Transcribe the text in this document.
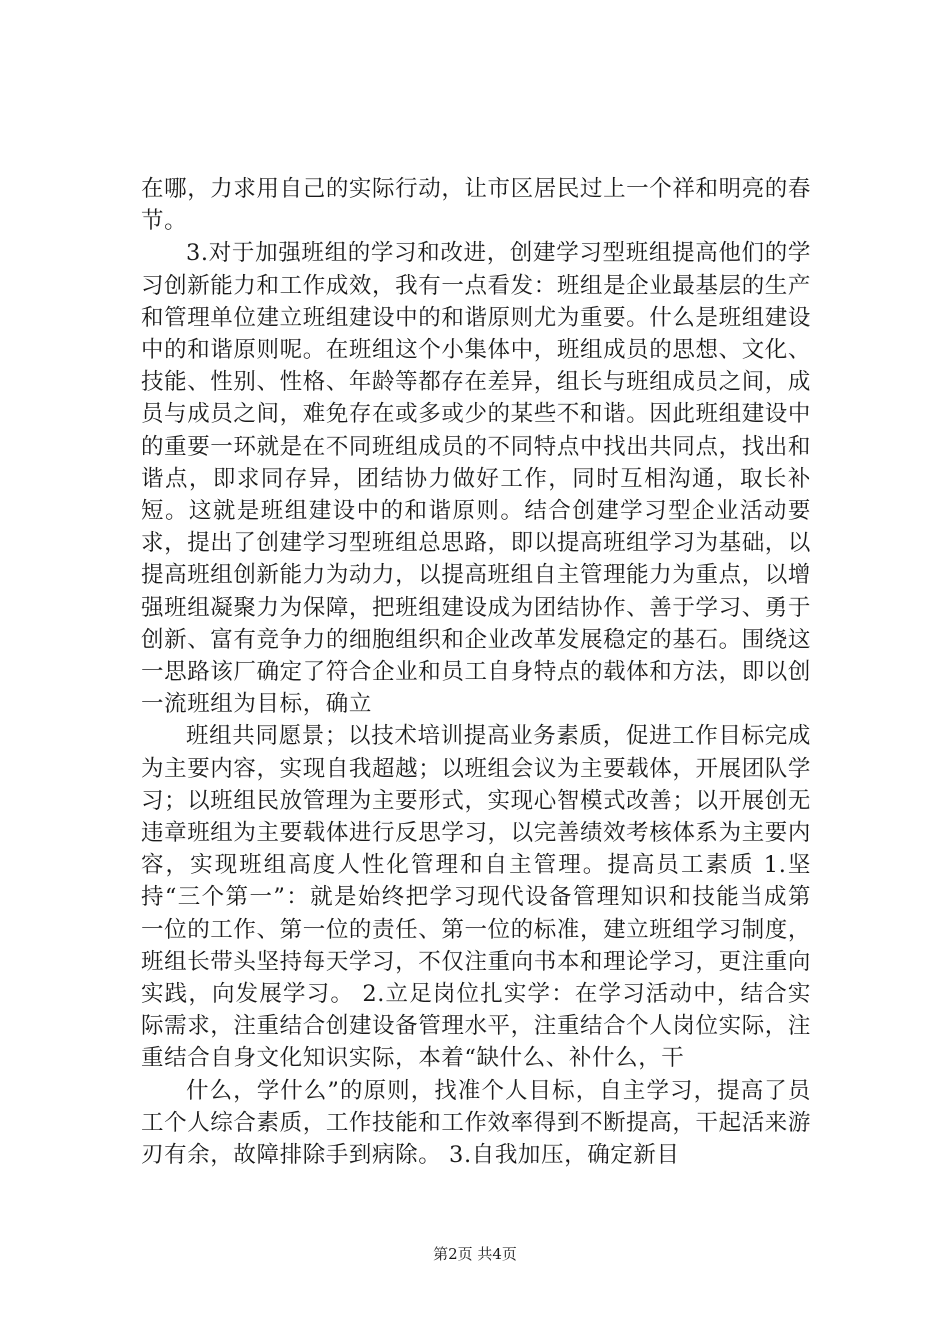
在哪，力求用自己的实际行动，让市区居民过上一个祥和明亮的春节。

3.对于加强班组的学习和改进，创建学习型班组提高他们的学习创新能力和工作成效，我有一点看发：班组是企业最基层的生产和管理单位建立班组建设中的和谐原则尤为重要。什么是班组建设中的和谐原则呢。在班组这个小集体中，班组成员的思想、文化、技能、性别、性格、年龄等都存在差异，组长与班组成员之间，成员与成员之间，难免存在或多或少的某些不和谐。因此班组建设中的重要一环就是在不同班组成员的不同特点中找出共同点，找出和谐点，即求同存异，团结协力做好工作，同时互相沟通，取长补短。这就是班组建设中的和谐原则。结合创建学习型企业活动要求，提出了创建学习型班组总思路，即以提高班组学习为基础，以提高班组创新能力为动力，以提高班组自主管理能力为重点，以增强班组凝聚力为保障，把班组建设成为团结协作、善于学习、勇于创新、富有竞争力的细胞组织和企业改革发展稳定的基石。围绕这一思路该厂确定了符合企业和员工自身特点的载体和方法，即以创一流班组为目标，确立

班组共同愿景；以技术培训提高业务素质，促进工作目标完成为主要内容，实现自我超越；以班组会议为主要载体，开展团队学习；以班组民放管理为主要形式，实现心智模式改善；以开展创无违章班组为主要载体进行反思学习，以完善绩效考核体系为主要内容，实现班组高度人性化管理和自主管理。提高员工素质 1.坚持“三个第一”：就是始终把学习现代设备管理知识和技能当成第一位的工作、第一位的责任、第一位的标准，建立班组学习制度，班组长带头坚持每天学习，不仅注重向书本和理论学习，更注重向实践，向发展学习。 2.立足岗位扎实学：在学习活动中，结合实际需求，注重结合创建设备管理水平，注重结合个人岗位实际，注重结合自身文化知识实际，本着“缺什么、补什么，干

什么，学什么”的原则，找准个人目标，自主学习，提高了员工个人综合素质，工作技能和工作效率得到不断提高，干起活来游刃有余，故障排除手到病除。 3.自我加压，确定新目

第2页 共4页
